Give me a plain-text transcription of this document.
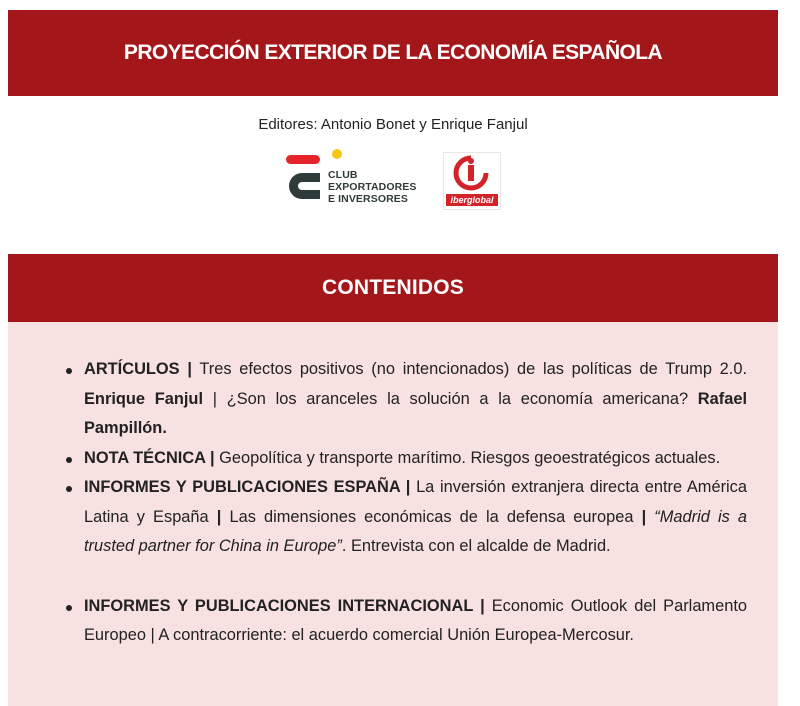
PROYECCIÓN EXTERIOR DE LA ECONOMÍA ESPAÑOLA
Editores: Antonio Bonet y Enrique Fanjul
CLUB
EXPORTADORES
E INVERSORES	iberglobal
CONTENIDOS
ARTÍCULOS | Tres efectos positivos (no intencionados) de las políticas de Trump 2.0. Enrique Fanjul | ¿Son los aranceles la solución a la economía americana? Rafael Pampillón.
NOTA TÉCNICA | Geopolítica y transporte marítimo. Riesgos geoestratégicos actuales.
INFORMES Y PUBLICACIONES ESPAÑA | La inversión extranjera directa entre América Latina y España | Las dimensiones económicas de la defensa europea | “Madrid is a trusted partner for China in Europe”. Entrevista con el alcalde de Madrid.
INFORMES Y PUBLICACIONES INTERNACIONAL | Economic Outlook del Parlamento Europeo | A contracorriente: el acuerdo comercial Unión Europea-Mercosur.
